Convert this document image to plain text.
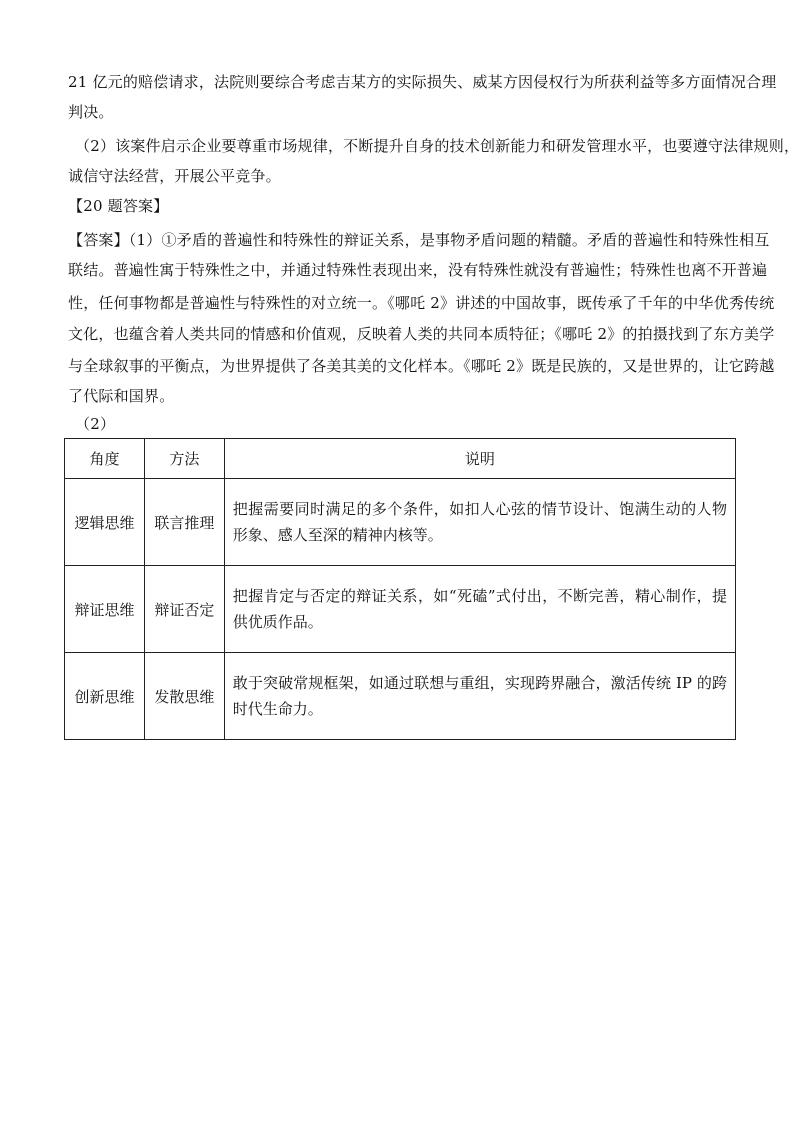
21 亿元的赔偿请求，法院则要综合考虑吉某方的实际损失、威某方因侵权行为所获利益等多方面情况合理
判决。
（2）该案件启示企业要尊重市场规律，不断提升自身的技术创新能力和研发管理水平，也要遵守法律规则，
诚信守法经营，开展公平竞争。
【20 题答案】
【答案】（1）①矛盾的普遍性和特殊性的辩证关系，是事物矛盾问题的精髓。矛盾的普遍性和特殊性相互
联结。普遍性寓于特殊性之中，并通过特殊性表现出来，没有特殊性就没有普遍性；特殊性也离不开普遍
性，任何事物都是普遍性与特殊性的对立统一。《哪吒 2》讲述的中国故事，既传承了千年的中华优秀传统
文化，也蕴含着人类共同的情感和价值观，反映着人类的共同本质特征；《哪吒 2》的拍摄找到了东方美学
与全球叙事的平衡点，为世界提供了各美其美的文化样本。《哪吒 2》既是民族的，又是世界的，让它跨越
了代际和国界。
（2）
角度	方法	说明
逻辑思维	联言推理	把握需要同时满足的多个条件，如扣人心弦的情节设计、饱满生动的人物形象、感人至深的精神内核等。
辩证思维	辩证否定	把握肯定与否定的辩证关系，如“死磕”式付出，不断完善，精心制作，提供优质作品。
创新思维	发散思维	敢于突破常规框架，如通过联想与重组，实现跨界融合，激活传统 IP 的跨时代生命力。
